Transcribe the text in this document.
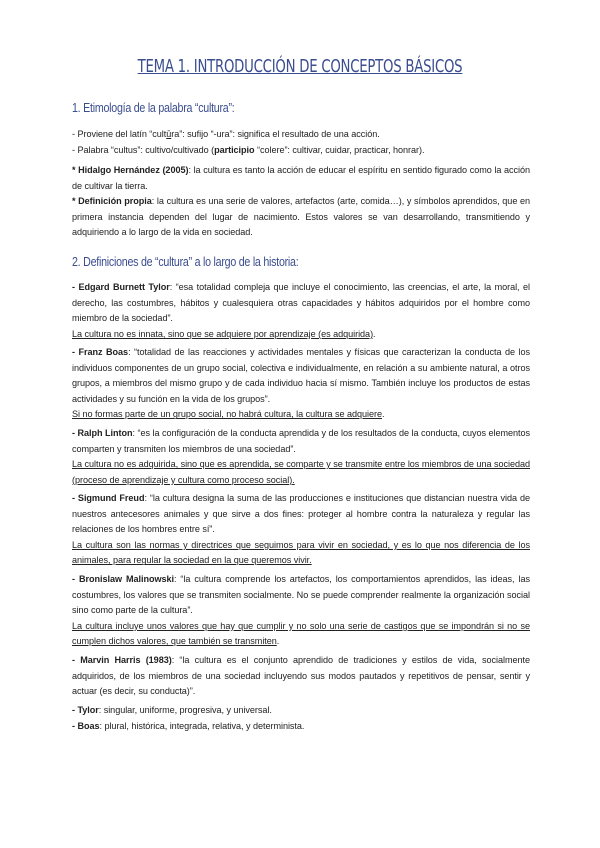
TEMA 1. INTRODUCCIÓN DE CONCEPTOS BÁSICOS
1. Etimología de la palabra “cultura”:
- Proviene del latín “cultūra”: sufijo “-ura”: significa el resultado de una acción.
- Palabra “cultus”: cultivo/cultivado (participio “colere”: cultivar, cuidar, practicar, honrar).
* Hidalgo Hernández (2005): la cultura es tanto la acción de educar el espíritu en sentido figurado como la acción de cultivar la tierra.
* Definición propia: la cultura es una serie de valores, artefactos (arte, comida…), y símbolos aprendidos, que en primera instancia dependen del lugar de nacimiento. Estos valores se van desarrollando, transmitiendo y adquiriendo a lo largo de la vida en sociedad.
2. Definiciones de “cultura” a lo largo de la historia:
- Edgard Burnett Tylor: “esa totalidad compleja que incluye el conocimiento, las creencias, el arte, la moral, el derecho, las costumbres, hábitos y cualesquiera otras capacidades y hábitos adquiridos por el hombre como miembro de la sociedad”.
La cultura no es innata, sino que se adquiere por aprendizaje (es adquirida).
- Franz Boas: “totalidad de las reacciones y actividades mentales y físicas que caracterizan la conducta de los individuos componentes de un grupo social, colectiva e individualmente, en relación a su ambiente natural, a otros grupos, a miembros del mismo grupo y de cada individuo hacia sí mismo. También incluye los productos de estas actividades y su función en la vida de los grupos”.
Si no formas parte de un grupo social, no habrá cultura, la cultura se adquiere.
- Ralph Linton: “es la configuración de la conducta aprendida y de los resultados de la conducta, cuyos elementos comparten y transmiten los miembros de una sociedad”.
La cultura no es adquirida, sino que es aprendida, se comparte y se transmite entre los miembros de una sociedad (proceso de aprendizaje y cultura como proceso social).
- Sigmund Freud: “la cultura designa la suma de las producciones e instituciones que distancian nuestra vida de nuestros antecesores animales y que sirve a dos fines: proteger al hombre contra la naturaleza y regular las relaciones de los hombres entre sí”.
La cultura son las normas y directrices que seguimos para vivir en sociedad, y es lo que nos diferencia de los animales, para regular la sociedad en la que queremos vivir.
- Bronislaw Malinowski: “la cultura comprende los artefactos, los comportamientos aprendidos, las ideas, las costumbres, los valores que se transmiten socialmente. No se puede comprender realmente la organización social sino como parte de la cultura”.
La cultura incluye unos valores que hay que cumplir y no solo una serie de castigos que se impondrán si no se cumplen dichos valores, que también se transmiten.
- Marvin Harris (1983): “la cultura es el conjunto aprendido de tradiciones y estilos de vida, socialmente adquiridos, de los miembros de una sociedad incluyendo sus modos pautados y repetitivos de pensar, sentir y actuar (es decir, su conducta)”.
- Tylor: singular, uniforme, progresiva, y universal.
- Boas: plural, histórica, integrada, relativa, y determinista.
